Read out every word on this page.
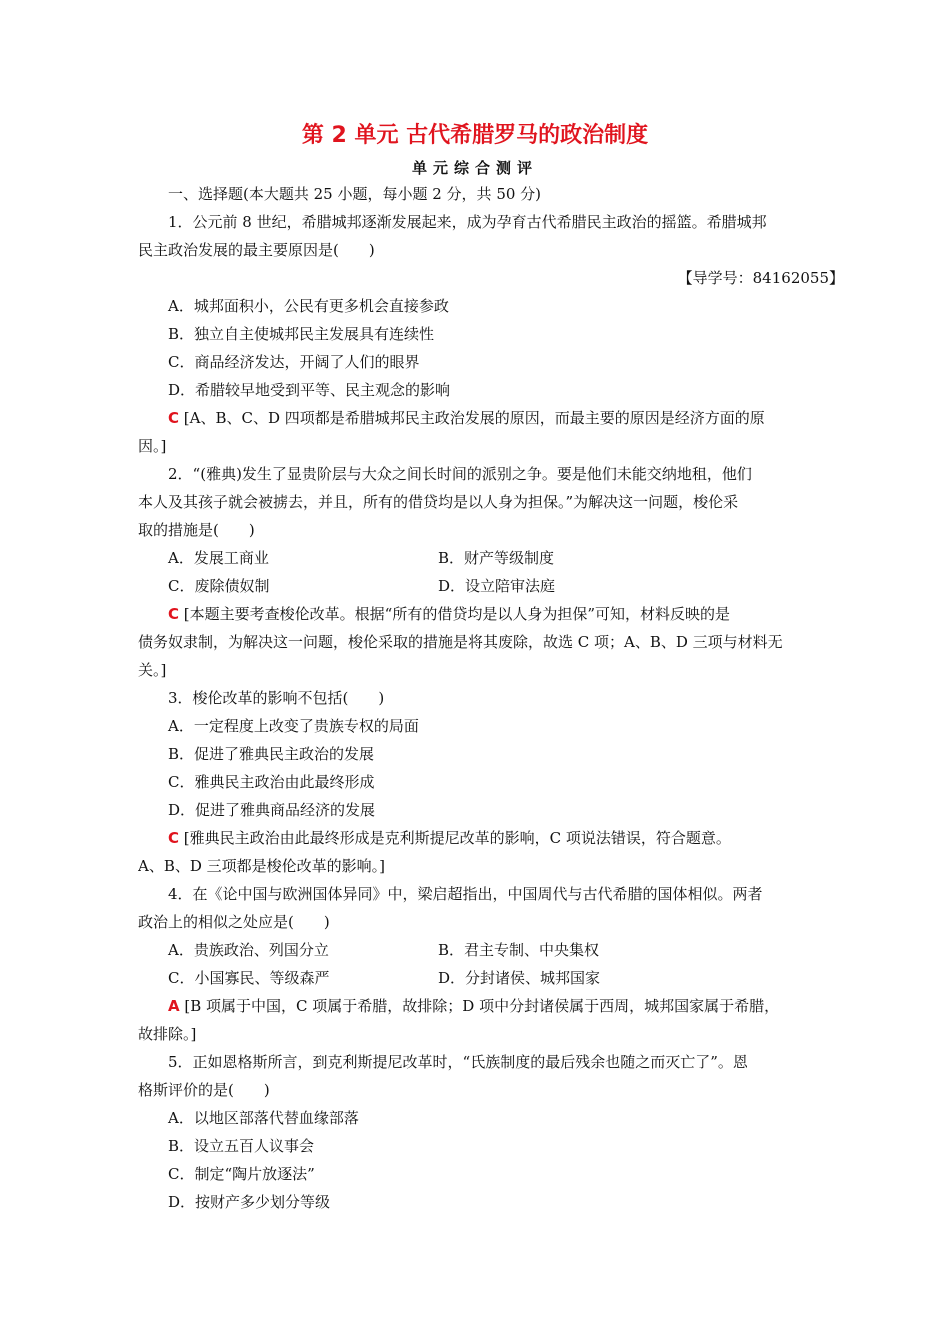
第 2 单元 古代希腊罗马的政治制度
单元综合测评
一、选择题(本大题共 25 小题，每小题 2 分，共 50 分)
1．公元前 8 世纪，希腊城邦逐渐发展起来，成为孕育古代希腊民主政治的摇篮。希腊城邦
民主政治发展的最主要原因是(　　)
【导学号：84162055】
A．城邦面积小，公民有更多机会直接参政
B．独立自主使城邦民主发展具有连续性
C．商品经济发达，开阔了人们的眼界
D．希腊较早地受到平等、民主观念的影响
C [A、B、C、D 四项都是希腊城邦民主政治发展的原因，而最主要的原因是经济方面的原
因。]
2．“(雅典)发生了显贵阶层与大众之间长时间的派别之争。要是他们未能交纳地租，他们
本人及其孩子就会被掳去，并且，所有的借贷均是以人身为担保。”为解决这一问题，梭伦采
取的措施是(　　)
A．发展工商业	B．财产等级制度
C．废除债奴制	D．设立陪审法庭
C [本题主要考查梭伦改革。根据“所有的借贷均是以人身为担保”可知，材料反映的是
债务奴隶制，为解决这一问题，梭伦采取的措施是将其废除，故选 C 项；A、B、D 三项与材料无
关。]
3．梭伦改革的影响不包括(　　)
A．一定程度上改变了贵族专权的局面
B．促进了雅典民主政治的发展
C．雅典民主政治由此最终形成
D．促进了雅典商品经济的发展
C [雅典民主政治由此最终形成是克利斯提尼改革的影响，C 项说法错误，符合题意。
A、B、D 三项都是梭伦改革的影响。]
4．在《论中国与欧洲国体异同》中，梁启超指出，中国周代与古代希腊的国体相似。两者
政治上的相似之处应是(　　)
A．贵族政治、列国分立	B．君主专制、中央集权
C．小国寡民、等级森严	D．分封诸侯、城邦国家
A [B 项属于中国，C 项属于希腊，故排除；D 项中分封诸侯属于西周，城邦国家属于希腊，
故排除。]
5．正如恩格斯所言，到克利斯提尼改革时，“氏族制度的最后残余也随之而灭亡了”。恩
格斯评价的是(　　)
A．以地区部落代替血缘部落
B．设立五百人议事会
C．制定“陶片放逐法”
D．按财产多少划分等级
